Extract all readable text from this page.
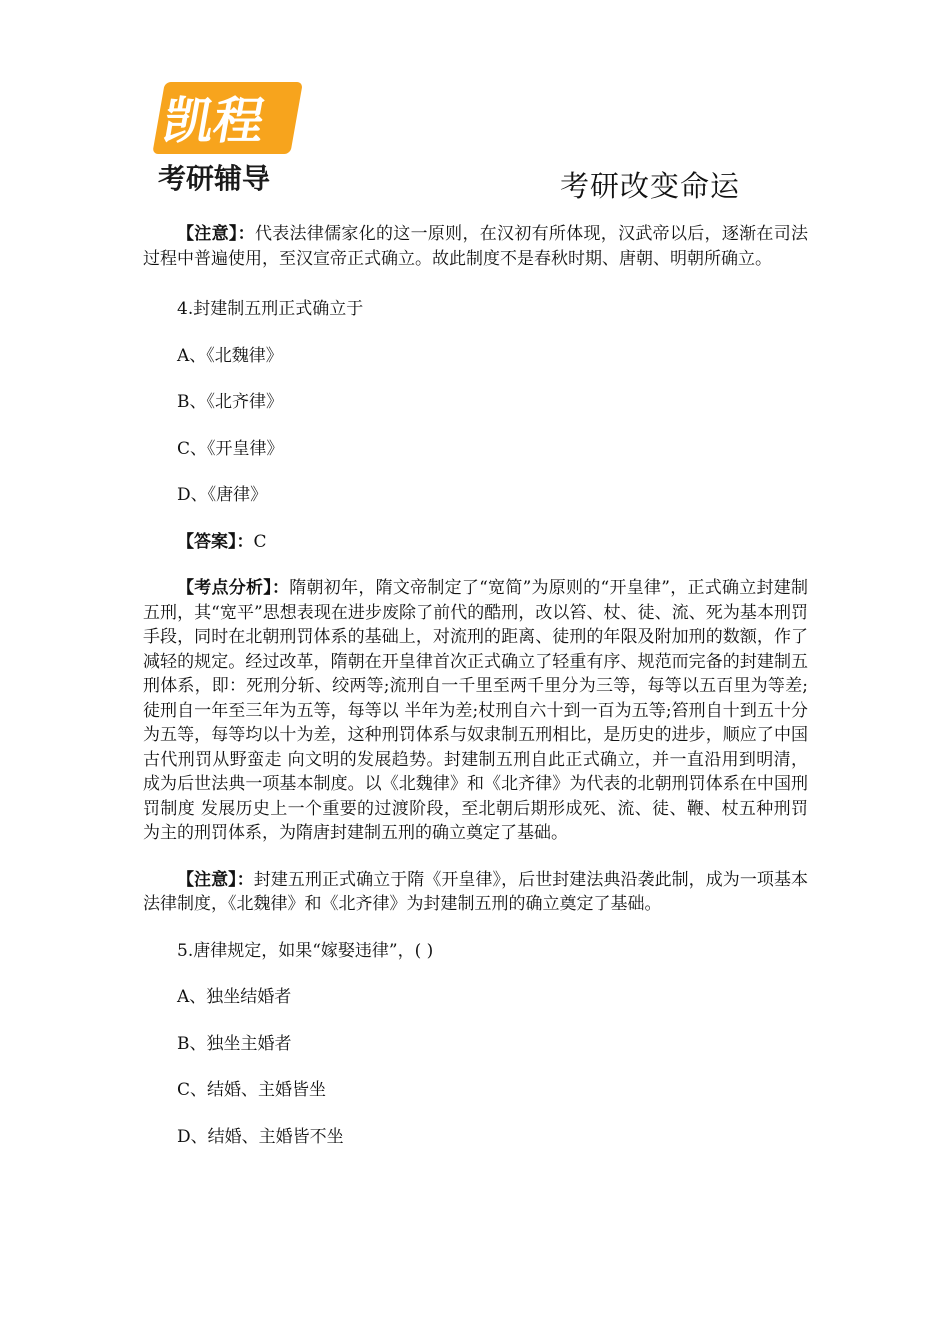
凯程
考研辅导	考研改变命运

【注意】：代表法律儒家化的这一原则，在汉初有所体现，汉武帝以后，逐渐在司法过程中普遍使用，至汉宣帝正式确立。故此制度不是春秋时期、唐朝、明朝所确立。

4.封建制五刑正式确立于

A、《北魏律》

B、《北齐律》

C、《开皇律》

D、《唐律》

【答案】：C

【考点分析】：隋朝初年，隋文帝制定了“宽简”为原则的“开皇律”，正式确立封建制五刑，其“宽平”思想表现在进步废除了前代的酷刑，改以笞、杖、徒、流、死为基本刑罚手段，同时在北朝刑罚体系的基础上，对流刑的距离、徒刑的年限及附加刑的数额，作了减轻的规定。经过改革，隋朝在开皇律首次正式确立了轻重有序、规范而完备的封建制五刑体系，即：死刑分斩、绞两等;流刑自一千里至两千里分为三等，每等以五百里为等差;徒刑自一年至三年为五等，每等以 半年为差;杖刑自六十到一百为五等;笞刑自十到五十分为五等，每等均以十为差，这种刑罚体系与奴隶制五刑相比，是历史的进步，顺应了中国古代刑罚从野蛮走 向文明的发展趋势。封建制五刑自此正式确立，并一直沿用到明清，成为后世法典一项基本制度。以《北魏律》和《北齐律》为代表的北朝刑罚体系在中国刑罚制度 发展历史上一个重要的过渡阶段，至北朝后期形成死、流、徒、鞭、杖五种刑罚为主的刑罚体系，为隋唐封建制五刑的确立奠定了基础。

【注意】：封建五刑正式确立于隋《开皇律》，后世封建法典沿袭此制，成为一项基本法律制度，《北魏律》和《北齐律》为封建制五刑的确立奠定了基础。

5.唐律规定，如果“嫁娶违律”，( )

A、独坐结婚者

B、独坐主婚者

C、结婚、主婚皆坐

D、结婚、主婚皆不坐
